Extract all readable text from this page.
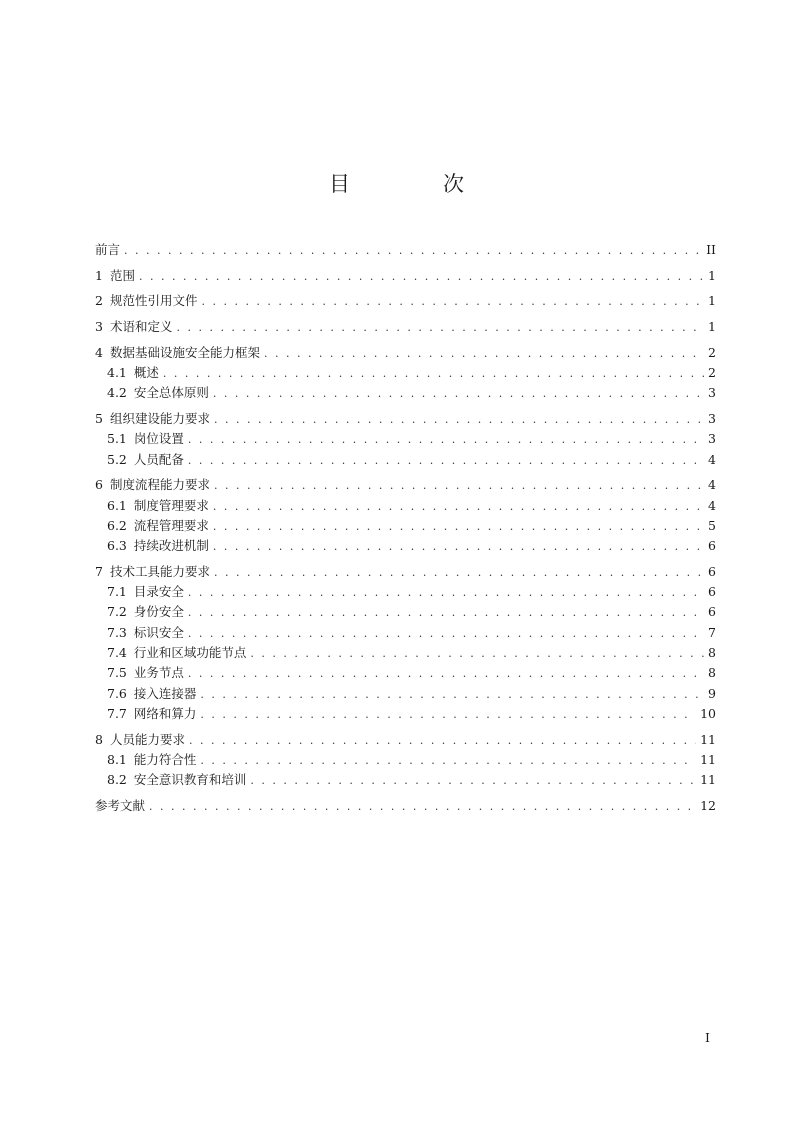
目　次
前言 . . .	II
1 范围 . . .	1
2 规范性引用文件 . . .	1
3 术语和定义 . . .	1
4 数据基础设施安全能力框架 . . .	2
4.1 概述 . . .	2
4.2 安全总体原则 . . .	3
5 组织建设能力要求 . . .	3
5.1 岗位设置 . . .	3
5.2 人员配备 . . .	4
6 制度流程能力要求 . . .	4
6.1 制度管理要求 . . .	4
6.2 流程管理要求 . . .	5
6.3 持续改进机制 . . .	6
7 技术工具能力要求 . . .	6
7.1 目录安全 . . .	6
7.2 身份安全 . . .	6
7.3 标识安全 . . .	7
7.4 行业和区域功能节点 . . .	8
7.5 业务节点 . . .	8
7.6 接入连接器 . . .	9
7.7 网络和算力 . . .	10
8 人员能力要求 . . .	11
8.1 能力符合性 . . .	11
8.2 安全意识教育和培训 . . .	11
参考文献 . . .	12
I
